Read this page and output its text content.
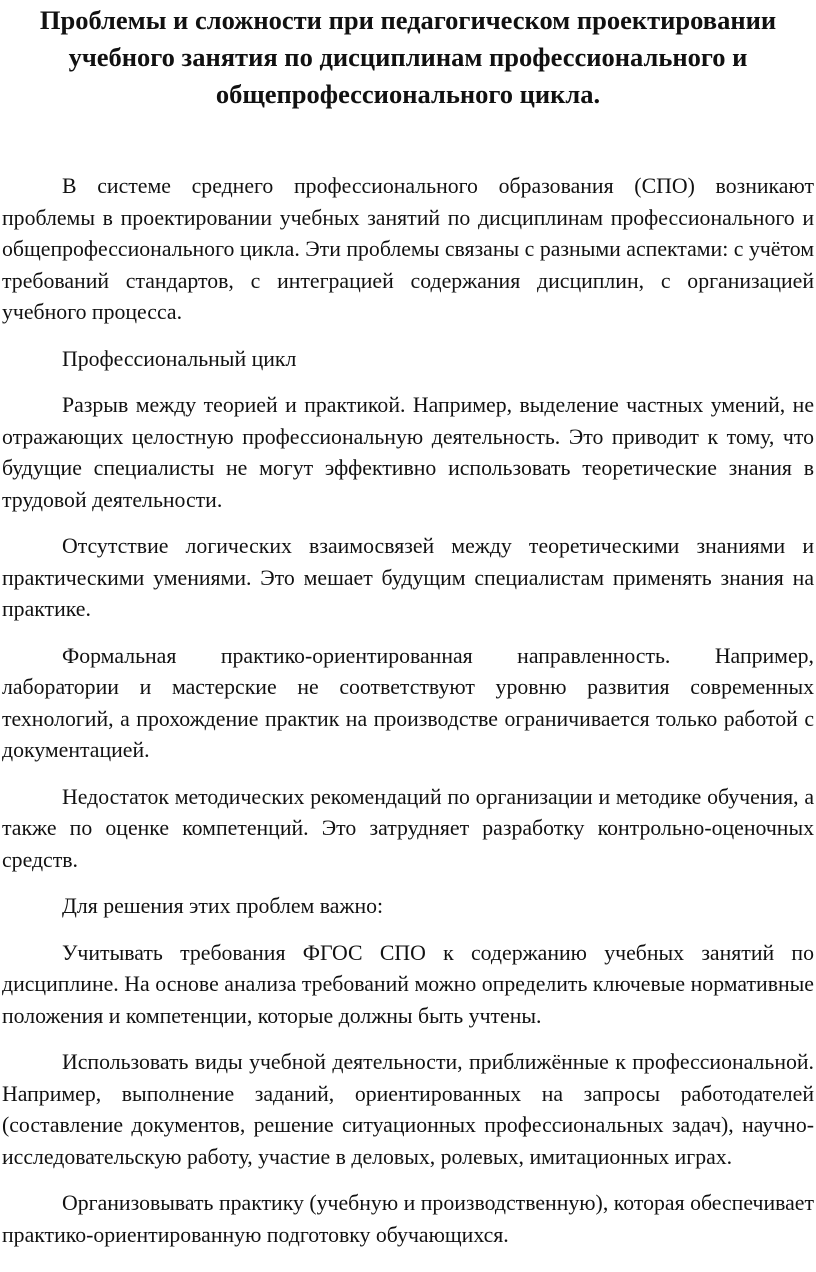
Проблемы и сложности при педагогическом проектировании учебного занятия по дисциплинам профессионального и общепрофессионального цикла.

В системе среднего профессионального образования (СПО) возникают проблемы в проектировании учебных занятий по дисциплинам профессионального и общепрофессионального цикла. Эти проблемы связаны с разными аспектами: с учётом требований стандартов, с интеграцией содержания дисциплин, с организацией учебного процесса.

Профессиональный цикл

Разрыв между теорией и практикой. Например, выделение частных умений, не отражающих целостную профессиональную деятельность. Это приводит к тому, что будущие специалисты не могут эффективно использовать теоретические знания в трудовой деятельности.

Отсутствие логических взаимосвязей между теоретическими знаниями и практическими умениями. Это мешает будущим специалистам применять знания на практике.

Формальная практико-ориентированная направленность. Например, лаборатории и мастерские не соответствуют уровню развития современных технологий, а прохождение практик на производстве ограничивается только работой с документацией.

Недостаток методических рекомендаций по организации и методике обучения, а также по оценке компетенций. Это затрудняет разработку контрольно-оценочных средств.

Для решения этих проблем важно:

Учитывать требования ФГОС СПО к содержанию учебных занятий по дисциплине. На основе анализа требований можно определить ключевые нормативные положения и компетенции, которые должны быть учтены.

Использовать виды учебной деятельности, приближённые к профессиональной. Например, выполнение заданий, ориентированных на запросы работодателей (составление документов, решение ситуационных профессиональных задач), научно-исследовательскую работу, участие в деловых, ролевых, имитационных играх.

Организовывать практику (учебную и производственную), которая обеспечивает практико-ориентированную подготовку обучающихся.
